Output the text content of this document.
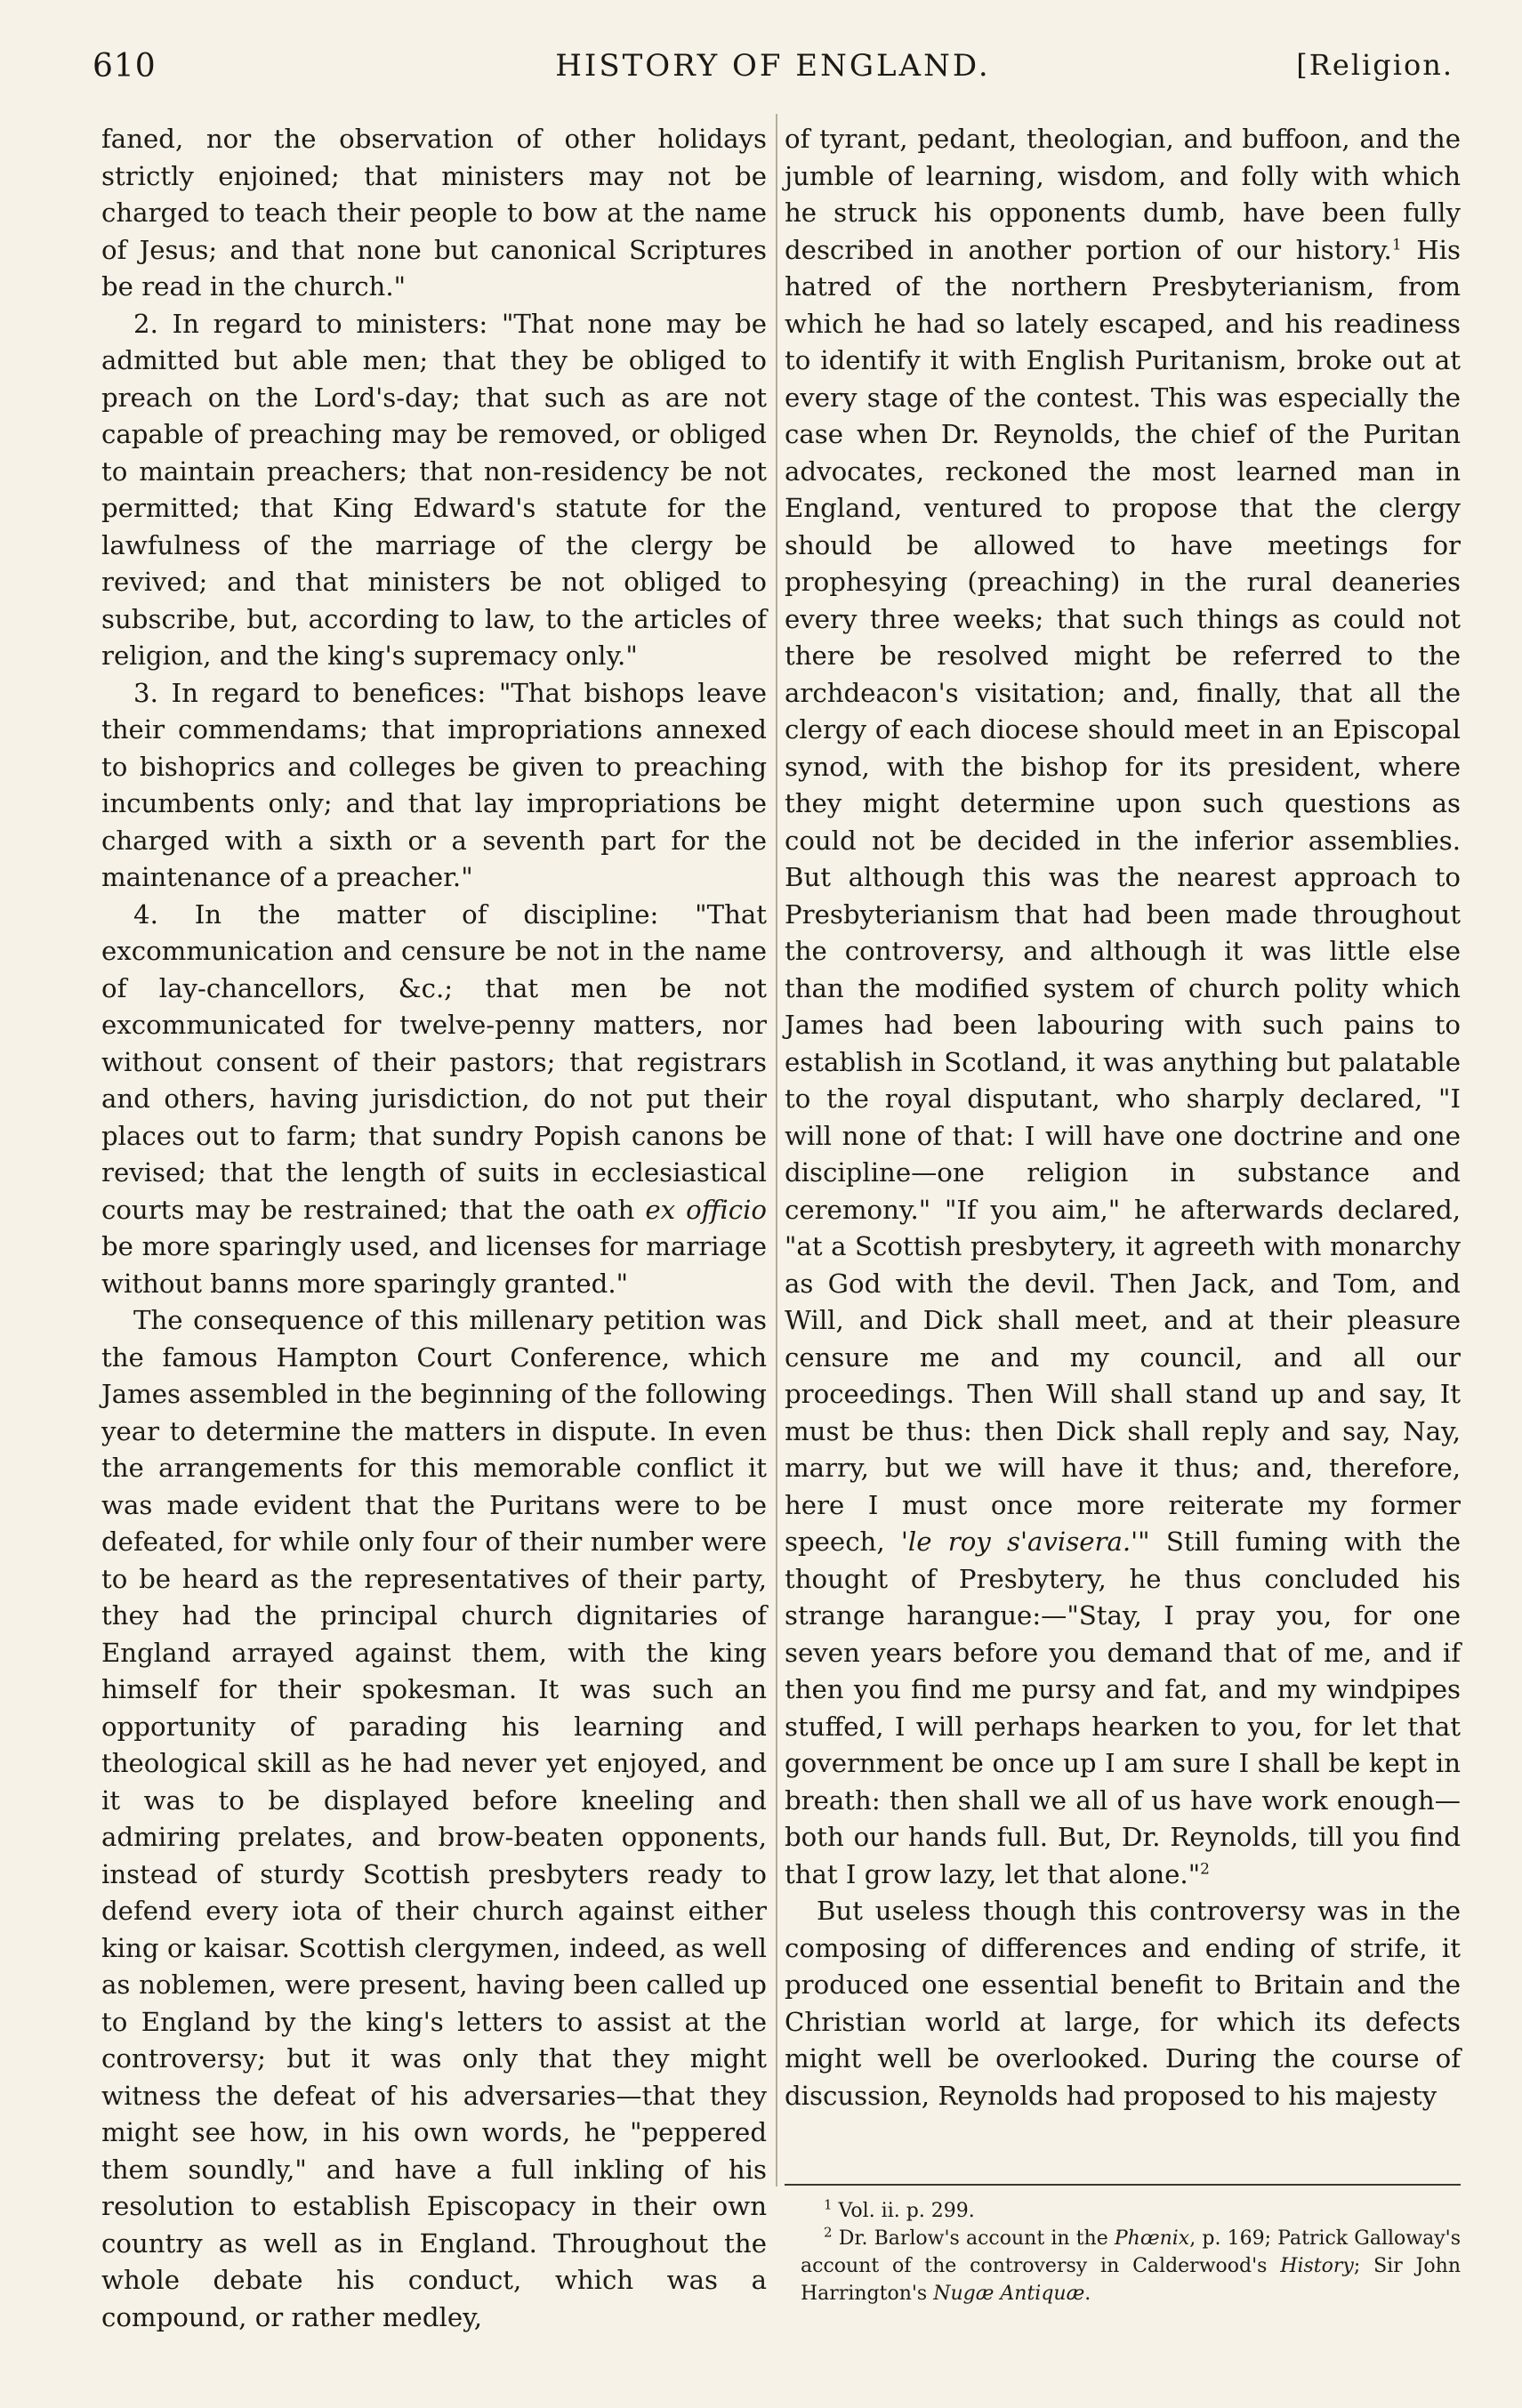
610	HISTORY OF ENGLAND.	[Religion.

faned, nor the observation of other holidays strictly enjoined; that ministers may not be charged to teach their people to bow at the name of Jesus; and that none but canonical Scriptures be read in the church."

2. In regard to ministers: "That none may be admitted but able men; that they be obliged to preach on the Lord's-day; that such as are not capable of preaching may be removed, or obliged to maintain preachers; that non-residency be not permitted; that King Edward's statute for the lawfulness of the marriage of the clergy be revived; and that ministers be not obliged to subscribe, but, according to law, to the articles of religion, and the king's supremacy only."

3. In regard to benefices: "That bishops leave their commendams; that impropriations annexed to bishoprics and colleges be given to preaching incumbents only; and that lay impropriations be charged with a sixth or a seventh part for the maintenance of a preacher."

4. In the matter of discipline: "That excommunication and censure be not in the name of lay-chancellors, &c.; that men be not excommunicated for twelve-penny matters, nor without consent of their pastors; that registrars and others, having jurisdiction, do not put their places out to farm; that sundry Popish canons be revised; that the length of suits in ecclesiastical courts may be restrained; that the oath ex officio be more sparingly used, and licenses for marriage without banns more sparingly granted."

The consequence of this millenary petition was the famous Hampton Court Conference, which James assembled in the beginning of the following year to determine the matters in dispute. In even the arrangements for this memorable conflict it was made evident that the Puritans were to be defeated, for while only four of their number were to be heard as the representatives of their party, they had the principal church dignitaries of England arrayed against them, with the king himself for their spokesman. It was such an opportunity of parading his learning and theological skill as he had never yet enjoyed, and it was to be displayed before kneeling and admiring prelates, and brow-beaten opponents, instead of sturdy Scottish presbyters ready to defend every iota of their church against either king or kaisar. Scottish clergymen, indeed, as well as noblemen, were present, having been called up to England by the king's letters to assist at the controversy; but it was only that they might witness the defeat of his adversaries—that they might see how, in his own words, he "peppered them soundly," and have a full inkling of his resolution to establish Episcopacy in their own country as well as in England. Throughout the whole debate his conduct, which was a compound, or rather medley,

of tyrant, pedant, theologian, and buffoon, and the jumble of learning, wisdom, and folly with which he struck his opponents dumb, have been fully described in another portion of our history.$^1$ His hatred of the northern Presbyterianism, from which he had so lately escaped, and his readiness to identify it with English Puritanism, broke out at every stage of the contest. This was especially the case when Dr. Reynolds, the chief of the Puritan advocates, reckoned the most learned man in England, ventured to propose that the clergy should be allowed to have meetings for prophesying (preaching) in the rural deaneries every three weeks; that such things as could not there be resolved might be referred to the archdeacon's visitation; and, finally, that all the clergy of each diocese should meet in an Episcopal synod, with the bishop for its president, where they might determine upon such questions as could not be decided in the inferior assemblies. But although this was the nearest approach to Presbyterianism that had been made throughout the controversy, and although it was little else than the modified system of church polity which James had been labouring with such pains to establish in Scotland, it was anything but palatable to the royal disputant, who sharply declared, "I will none of that: I will have one doctrine and one discipline—one religion in substance and ceremony." "If you aim," he afterwards declared, "at a Scottish presbytery, it agreeth with monarchy as God with the devil. Then Jack, and Tom, and Will, and Dick shall meet, and at their pleasure censure me and my council, and all our proceedings. Then Will shall stand up and say, It must be thus: then Dick shall reply and say, Nay, marry, but we will have it thus; and, therefore, here I must once more reiterate my former speech, 'le roy s'avisera.'" Still fuming with the thought of Presbytery, he thus concluded his strange harangue:—"Stay, I pray you, for one seven years before you demand that of me, and if then you find me pursy and fat, and my windpipes stuffed, I will perhaps hearken to you, for let that government be once up I am sure I shall be kept in breath: then shall we all of us have work enough—both our hands full. But, Dr. Reynolds, till you find that I grow lazy, let that alone."$^2$

But useless though this controversy was in the composing of differences and ending of strife, it produced one essential benefit to Britain and the Christian world at large, for which its defects might well be overlooked. During the course of discussion, Reynolds had proposed to his majesty

$^1$ Vol. ii. p. 299.

$^2$ Dr. Barlow's account in the Phœnix, p. 169; Patrick Galloway's account of the controversy in Calderwood's History; Sir John Harrington's Nugæ Antiquæ.
